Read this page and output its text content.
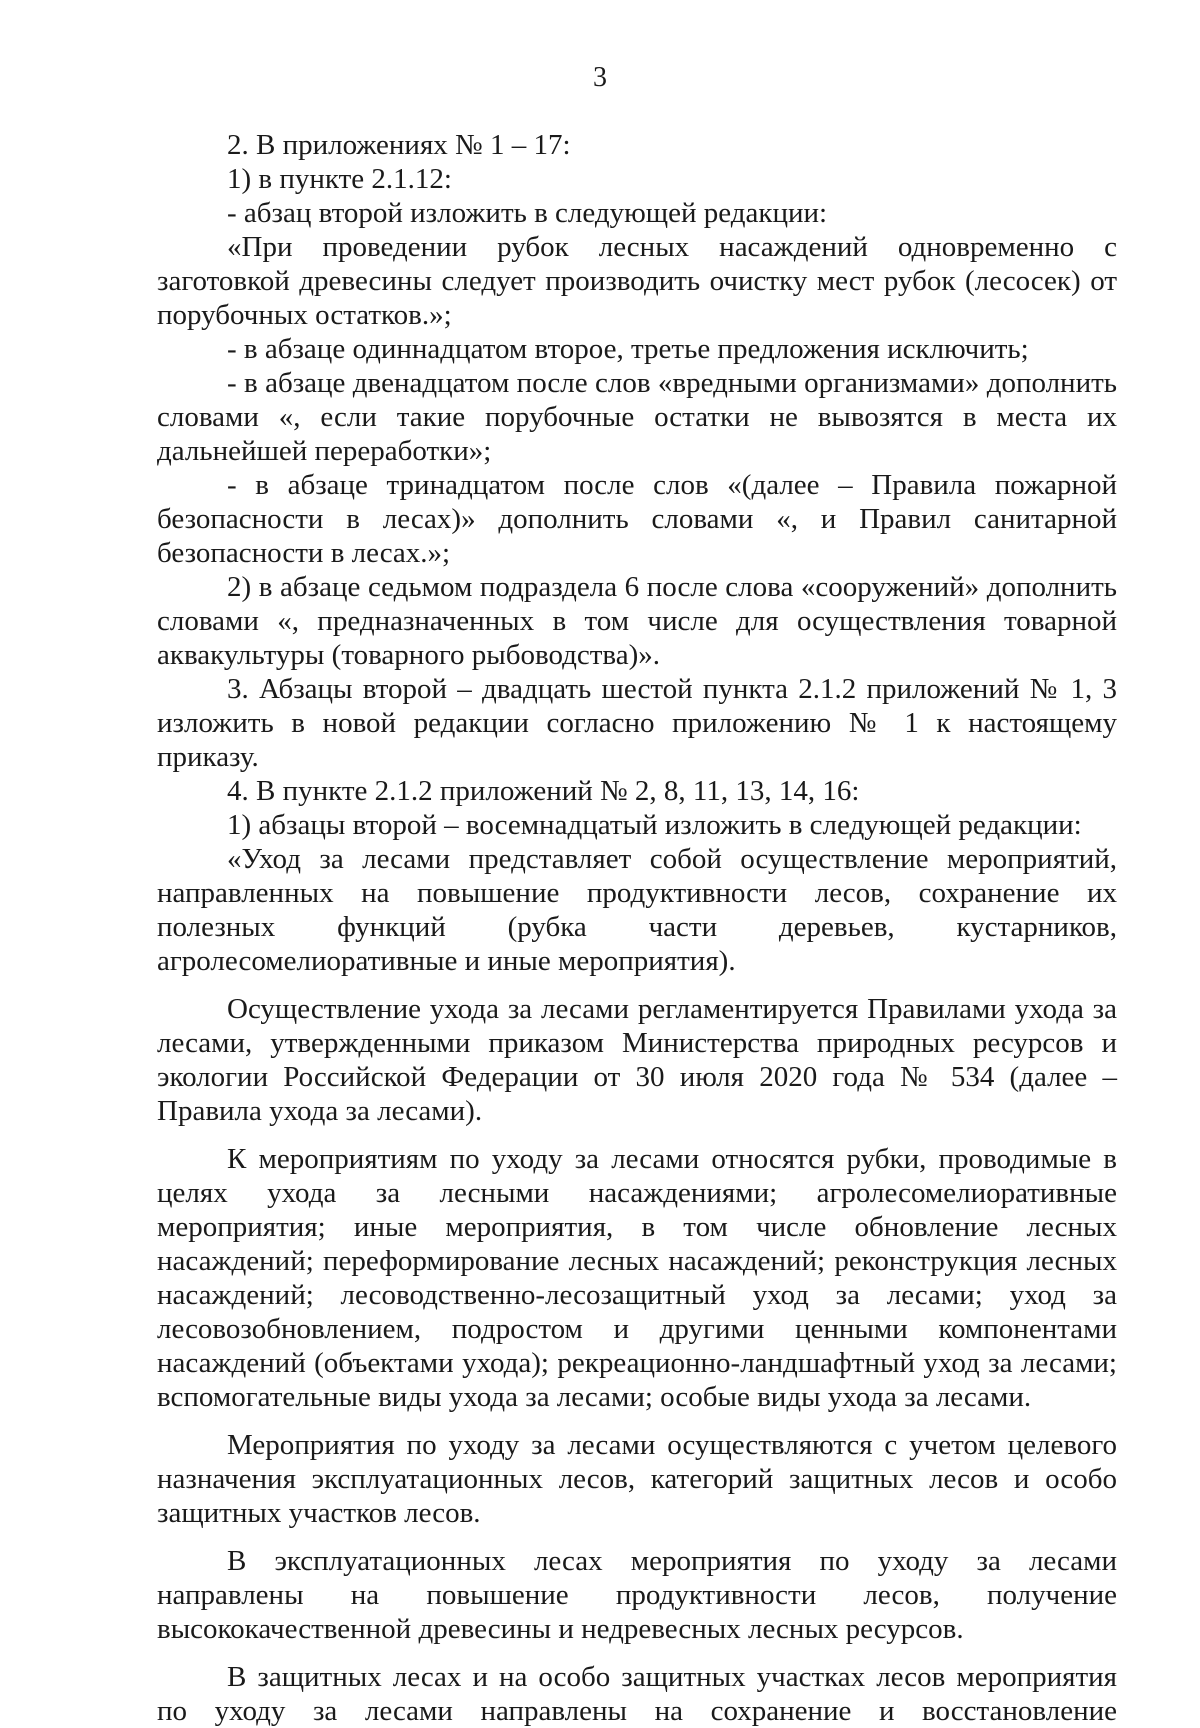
3

2. В приложениях № 1 – 17:

1) в пункте 2.1.12:

- абзац второй изложить в следующей редакции:

«При проведении рубок лесных насаждений одновременно с заготовкой древесины следует производить очистку мест рубок (лесосек) от порубочных остатков.»;

- в абзаце одиннадцатом второе, третье предложения исключить;

- в абзаце двенадцатом после слов «вредными организмами» дополнить словами «, если такие порубочные остатки не вывозятся в места их дальнейшей переработки»;

- в абзаце тринадцатом после слов «(далее – Правила пожарной безопасности в лесах)» дополнить словами «, и Правил санитарной безопасности в лесах.»;

2) в абзаце седьмом подраздела 6 после слова «сооружений» дополнить словами «, предназначенных в том числе для осуществления товарной аквакультуры (товарного рыбоводства)».

3. Абзацы второй – двадцать шестой пункта 2.1.2 приложений № 1, 3 изложить в новой редакции согласно приложению № 1 к настоящему приказу.

4. В пункте 2.1.2 приложений № 2, 8, 11, 13, 14, 16:

1) абзацы второй – восемнадцатый изложить в следующей редакции:

«Уход за лесами представляет собой осуществление мероприятий, направленных на повышение продуктивности лесов, сохранение их полезных функций (рубка части деревьев, кустарников, агролесомелиоративные и иные мероприятия).

Осуществление ухода за лесами регламентируется Правилами ухода за лесами, утвержденными приказом Министерства природных ресурсов и экологии Российской Федерации от 30 июля 2020 года № 534 (далее – Правила ухода за лесами).

К мероприятиям по уходу за лесами относятся рубки, проводимые в целях ухода за лесными насаждениями; агролесомелиоративные мероприятия; иные мероприятия, в том числе обновление лесных насаждений; переформирование лесных насаждений; реконструкция лесных насаждений; лесоводственно-лесозащитный уход за лесами; уход за лесовозобновлением, подростом и другими ценными компонентами насаждений (объектами ухода); рекреационно-ландшафтный уход за лесами; вспомогательные виды ухода за лесами; особые виды ухода за лесами.

Мероприятия по уходу за лесами осуществляются с учетом целевого назначения эксплуатационных лесов, категорий защитных лесов и особо защитных участков лесов.

В эксплуатационных лесах мероприятия по уходу за лесами направлены на повышение продуктивности лесов, получение высококачественной древесины и недревесных лесных ресурсов.

В защитных лесах и на особо защитных участках лесов мероприятия по уходу за лесами направлены на сохранение и восстановление
